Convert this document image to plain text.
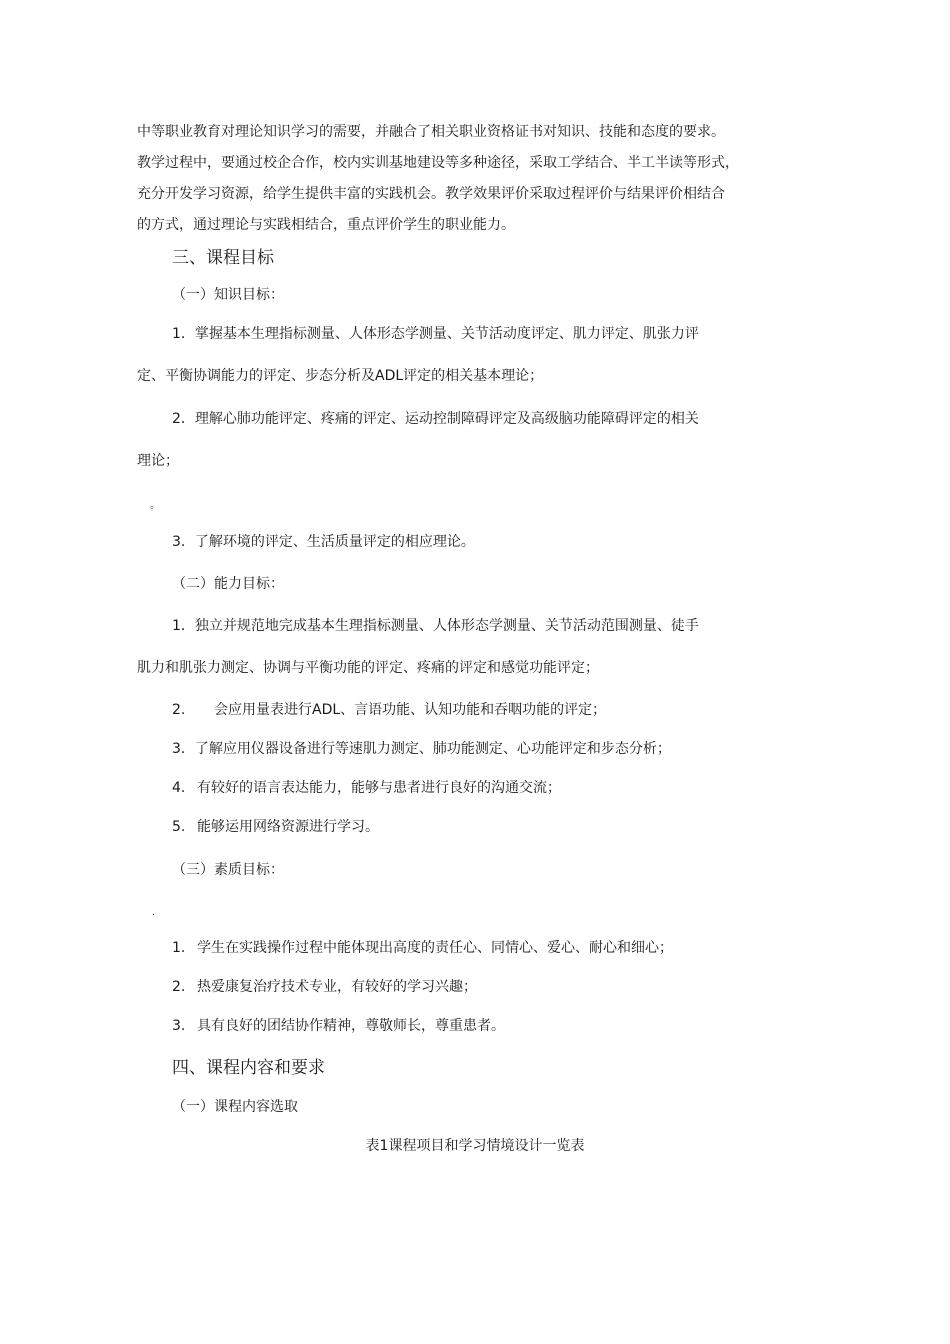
中等职业教育对理论知识学习的需要，并融合了相关职业资格证书对知识、技能和态度的要求。
教学过程中，要通过校企合作，校内实训基地建设等多种途径，采取工学结合、半工半读等形式，
充分开发学习资源，给学生提供丰富的实践机会。教学效果评价采取过程评价与结果评价相结合
的方式，通过理论与实践相结合，重点评价学生的职业能力。
三、课程目标
（一）知识目标：
1．掌握基本生理指标测量、人体形态学测量、关节活动度评定、肌力评定、肌张力评
定、平衡协调能力的评定、步态分析及ADL评定的相关基本理论；
2．理解心肺功能评定、疼痛的评定、运动控制障碍评定及高级脑功能障碍评定的相关
理论；
。
3．了解环境的评定、生活质量评定的相应理论。
（二）能力目标：
1．独立并规范地完成基本生理指标测量、人体形态学测量、关节活动范围测量、徒手
肌力和肌张力测定、协调与平衡功能的评定、疼痛的评定和感觉功能评定；
2. 会应用量表进行ADL、言语功能、认知功能和吞咽功能的评定；
3．了解应用仪器设备进行等速肌力测定、肺功能测定、心功能评定和步态分析；
4. 有较好的语言表达能力，能够与患者进行良好的沟通交流；
5. 能够运用网络资源进行学习。
（三）素质目标：
.
1. 学生在实践操作过程中能体现出高度的责任心、同情心、爱心、耐心和细心；
2. 热爱康复治疗技术专业，有较好的学习兴趣；
3. 具有良好的团结协作精神，尊敬师长，尊重患者。
四、课程内容和要求
（一）课程内容选取
表1课程项目和学习情境设计一览表
